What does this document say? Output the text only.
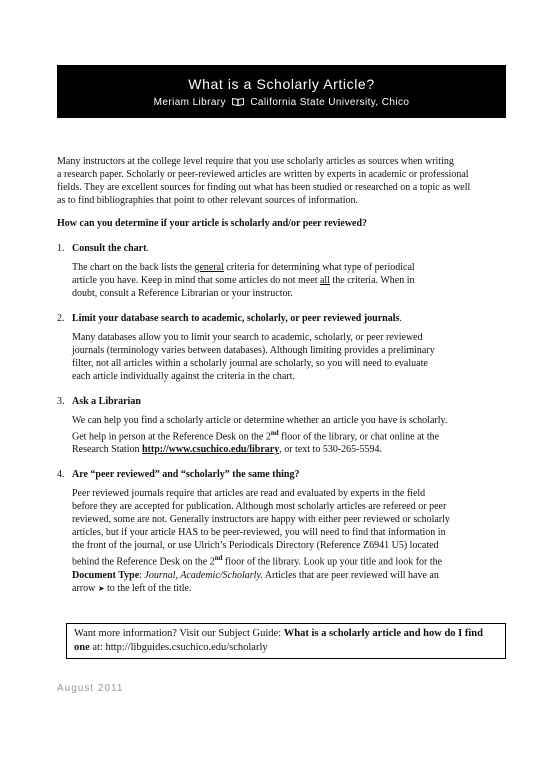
What is a Scholarly Article?
Meriam Library California State University, Chico

Many instructors at the college level require that you use scholarly articles as sources when writing
a research paper. Scholarly or peer-reviewed articles are written by experts in academic or professional
fields. They are excellent sources for finding out what has been studied or researched on a topic as well
as to find bibliographies that point to other relevant sources of information.

How can you determine if your article is scholarly and/or peer reviewed?

1. Consult the chart.
The chart on the back lists the general criteria for determining what type of periodical
article you have. Keep in mind that some articles do not meet all the criteria. When in
doubt, consult a Reference Librarian or your instructor.
2. Limit your database search to academic, scholarly, or peer reviewed journals.
Many databases allow you to limit your search to academic, scholarly, or peer reviewed
journals (terminology varies between databases). Although limiting provides a preliminary
filter, not all articles within a scholarly journal are scholarly, so you will need to evaluate
each article individually against the criteria in the chart.
3. Ask a Librarian
We can help you find a scholarly article or determine whether an article you have is scholarly.
Get help in person at the Reference Desk on the 2nd floor of the library, or chat online at the
Research Station http://www.csuchico.edu/library, or text to 530-265-5594.
4. Are “peer reviewed” and “scholarly” the same thing?
Peer reviewed journals require that articles are read and evaluated by experts in the field
before they are accepted for publication. Although most scholarly articles are refereed or peer
reviewed, some are not. Generally instructors are happy with either peer reviewed or scholarly
articles, but if your article HAS to be peer-reviewed, you will need to find that information in
the front of the journal, or use Ulrich’s Periodicals Directory (Reference Z6941 U5) located
behind the Reference Desk on the 2nd floor of the library. Look up your title and look for the
Document Type: Journal, Academic/Scholarly. Articles that are peer reviewed will have an
arrow ➤ to the left of the title.
Want more information? Visit our Subject Guide: What is a scholarly article and how do I find one at: http://libguides.csuchico.edu/scholarly
August 2011
